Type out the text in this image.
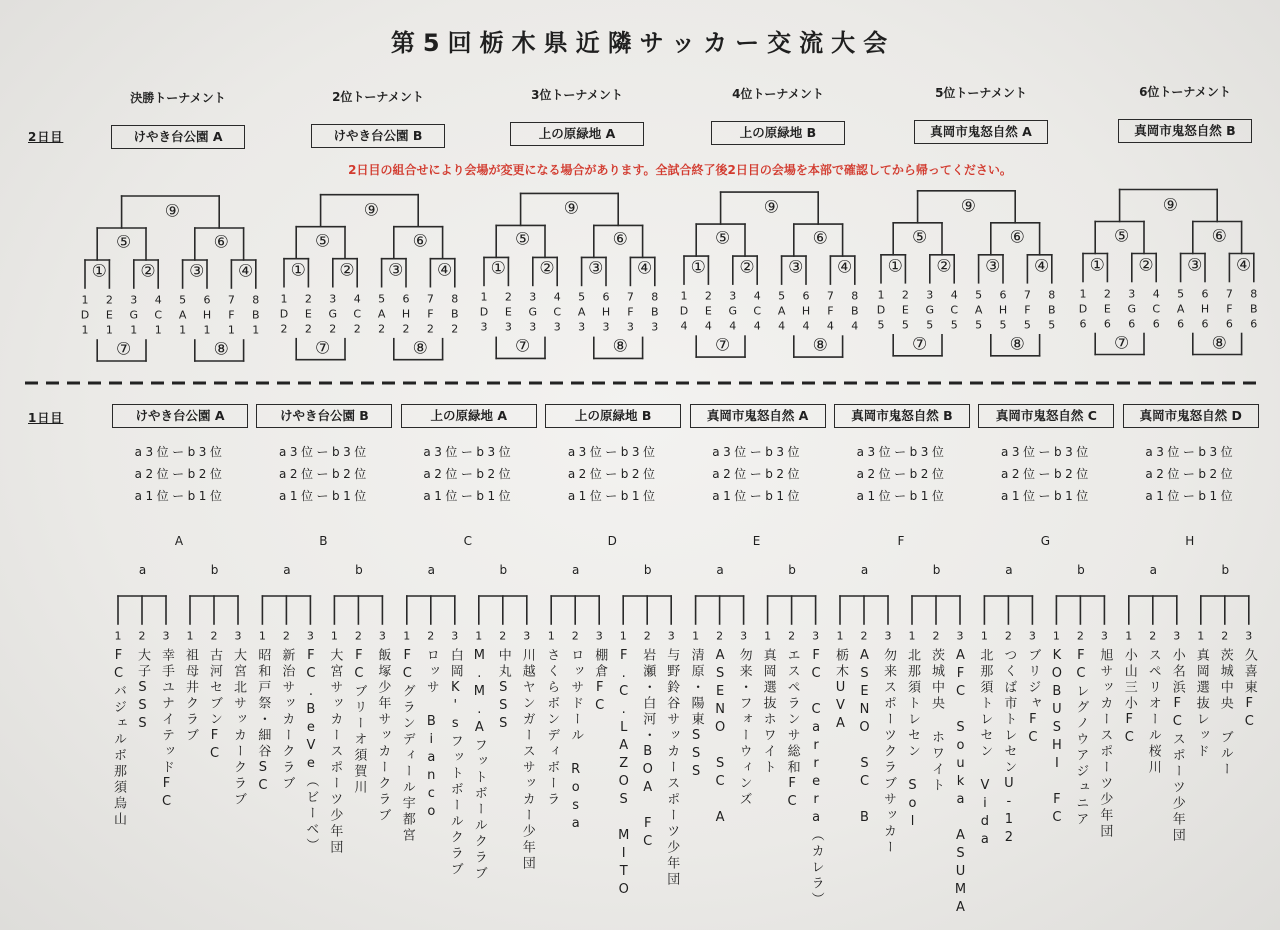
第5回栃木県近隣サッカー交流大会
2日目
2日目の組合せにより会場が変更になる場合があります。全試合終了後2日目の会場を本部で確認してから帰ってください。
1日目
決勝トーナメント
けやき台公園 A
⑨
⑤	⑥
① ② ③ ④
1
D
1
2
E
1
3
G
1
4
C
1
5
A
1
6
H
1
7
F
1
8
B
1
⑦	⑧
2位トーナメント
けやき台公園 B
⑨
⑤	⑥
① ② ③ ④
1
D
2
2
E
2
3
G
2
4
C
2
5
A
2
6
H
2
7
F
2
8
B
2
⑦	⑧
3位トーナメント
上の原緑地 A
⑨
⑤	⑥
① ② ③ ④
1
D
3
2
E
3
3
G
3
4
C
3
5
A
3
6
H
3
7
F
3
8
B
3
⑦	⑧
4位トーナメント
上の原緑地 B
⑨
⑤	⑥
① ② ③ ④
1
D
4
2
E
4
3
G
4
4
C
4
5
A
4
6
H
4
7
F
4
8
B
4
⑦	⑧
5位トーナメント
真岡市鬼怒自然 A
⑨
⑤	⑥
① ② ③ ④
1
D
5
2
E
5
3
G
5
4
C
5
5
A
5
6
H
5
7
F
5
8
B
5
⑦	⑧
6位トーナメント
真岡市鬼怒自然 B
⑨
⑤	⑥
① ② ③ ④
1
D
6
2
E
6
3
G
6
4
C
6
5
A
6
6
H
6
7
F
6
8
B
6
⑦	⑧
けやき台公園 A
a3位ーb3位
a2位ーb2位
a1位ーb1位
けやき台公園 B
a3位ーb3位
a2位ーb2位
a1位ーb1位
上の原緑地 A
a3位ーb3位
a2位ーb2位
a1位ーb1位
上の原緑地 B
a3位ーb3位
a2位ーb2位
a1位ーb1位
真岡市鬼怒自然 A
a3位ーb3位
a2位ーb2位
a1位ーb1位
真岡市鬼怒自然 B
a3位ーb3位
a2位ーb2位
a1位ーb1位
真岡市鬼怒自然 C
a3位ーb3位
a2位ーb2位
a1位ーb1位
真岡市鬼怒自然 D
a3位ーb3位
a2位ーb2位
a1位ーb1位
A
a
1
FCバジェルボ那須烏山
2
大子SSS
3
幸手ユナイテッドFC
b
1
祖母井クラブ
2
古河セブンFC
3
大宮北サッカークラブ
B
a
1
昭和戸祭・細谷SC
2
新治サッカークラブ
3
FC.BeVe（ビーベ）
b
1
大宮サッカースポーツ少年団
2
FCブリーオ須賀川
3
飯塚少年サッカークラブ
C
a
1
FCグランディール宇都宮
2
ロッサ Bianco
3
白岡K'sフットボールクラブ
b
1
M.M.Aフットボールクラブ
2
中丸SSS
3
川越ヤンガースサッカー少年団
D
a
1
さくらボンディボーラ
2
ロッサドール Rosa
3
棚倉FC
b
1
F.C.LAZOS MITO
2
岩瀬・白河・BOA FC
3
与野鈴谷サッカースポーツ少年団
E
a
1
清原・陽東SSS
2
ASENO SC A
3
勿来・フォーウィンズ
b
1
真岡選抜ホワイト
2
エスペランサ総和FC
3
FC Carrera（カレラ）
F
a
1
栃木UVA
2
ASENO SC B
3
勿来スポーツクラブサッカー
b
1
北那須トレセン Sol
2
茨城中央 ホワイト
3
AFC Souka ASUMA
G
a
1
北那須トレセン Vida
2
つくば市トレセンU-12
3
ブリジャFC
b
1
KOBUSHI FC
2
FCレグノウアジュニア
3
旭サッカースポーツ少年団
H
a
1
小山三小FC
2
スペリオール桜川
3
小名浜FCスポーツ少年団
b
1
真岡選抜レッド
2
茨城中央 ブルー
3
久喜東FC
